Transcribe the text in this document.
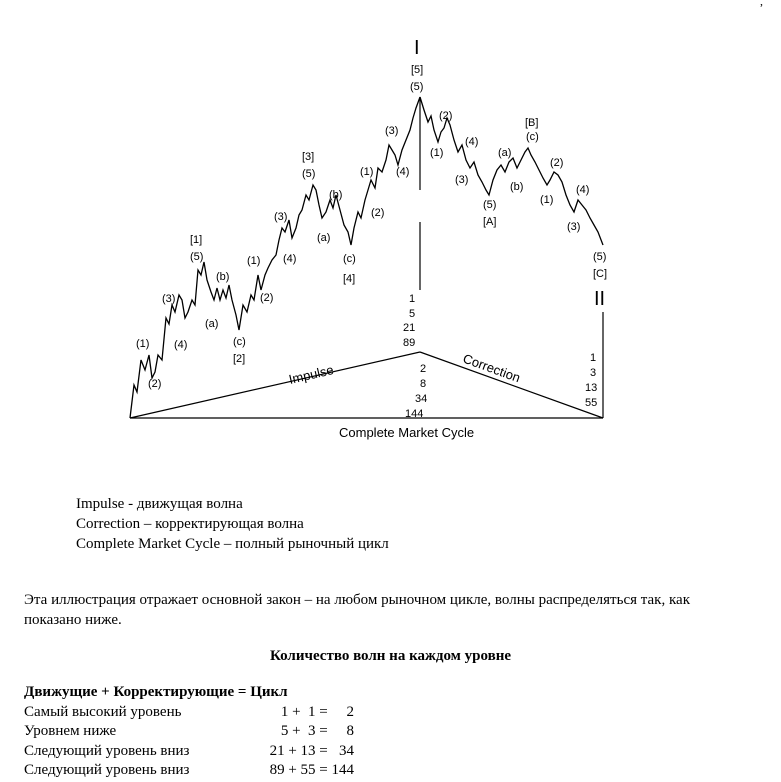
,
I
II
(1)
(2)
(3)
(4)
(5)
[1]
(a)
(b)
(c)
[2]
(1)
(2)
(3)
(4)
(5)
[3]
(a)
(b)
(c)
[4]
(1)
(2)
(3)
(4)
(5)
[5]
(1)
(2)
(3)
(4)
(5)
[A]
(a)
(b)
(c)
[B]
(1)
(2)
(3)
(4)
(5)
[C]
1
5
21
89
2
8
34
144
1
3
13
55
Impulse	Correction
Complete Market Cycle
Impulse - движущая волна
Correction – корректирующая волна
Complete Market Cycle – полный рыночный цикл

Эта иллюстрация отражает основной закон – на любом рыночном цикле, волны распределяться так, как показано ниже.

Количество волн на каждом уровне
Движущие + Корректирующие = Цикл
Самый высокий уровень	1 +  1 =     2
Уровнем ниже	5 +  3 =     8
Следующий уровень вниз	21 + 13 =   34
Следующий уровень вниз	89 + 55 = 144
